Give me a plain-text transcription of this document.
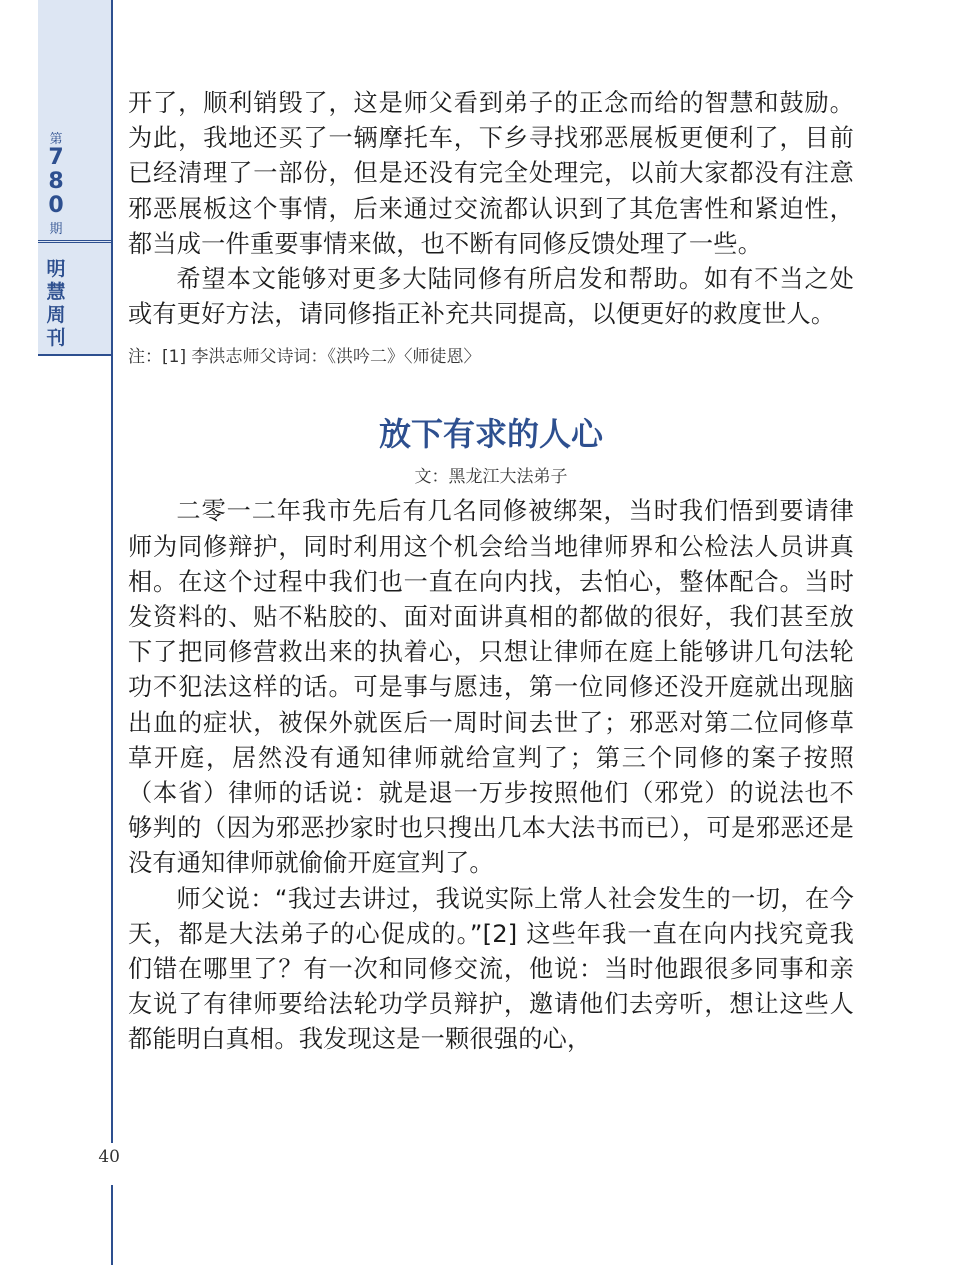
第
7
8
0
期
明
慧
周
刊
40

开了，顺利销毁了，这是师父看到弟子的正念而给的智慧和鼓励。为此，我地还买了一辆摩托车，下乡寻找邪恶展板更便利了，目前已经清理了一部份，但是还没有完全处理完，以前大家都没有注意邪恶展板这个事情，后来通过交流都认识到了其危害性和紧迫性，都当成一件重要事情来做，也不断有同修反馈处理了一些。

希望本文能够对更多大陆同修有所启发和帮助。如有不当之处或有更好方法，请同修指正补充共同提高，以便更好的救度世人。

注：[1] 李洪志师父诗词：《洪吟二》〈师徒恩〉

放下有求的人心
文：黑龙江大法弟子

二零一二年我市先后有几名同修被绑架，当时我们悟到要请律师为同修辩护，同时利用这个机会给当地律师界和公检法人员讲真相。在这个过程中我们也一直在向内找，去怕心，整体配合。当时发资料的、贴不粘胶的、面对面讲真相的都做的很好，我们甚至放下了把同修营救出来的执着心，只想让律师在庭上能够讲几句法轮功不犯法这样的话。可是事与愿违，第一位同修还没开庭就出现脑出血的症状，被保外就医后一周时间去世了；邪恶对第二位同修草草开庭，居然没有通知律师就给宣判了；第三个同修的案子按照（本省）律师的话说：就是退一万步按照他们（邪党）的说法也不够判的（因为邪恶抄家时也只搜出几本大法书而已），可是邪恶还是没有通知律师就偷偷开庭宣判了。

师父说：“我过去讲过，我说实际上常人社会发生的一切，在今天，都是大法弟子的心促成的。”[2] 这些年我一直在向内找究竟我们错在哪里了？有一次和同修交流，他说：当时他跟很多同事和亲友说了有律师要给法轮功学员辩护，邀请他们去旁听，想让这些人都能明白真相。我发现这是一颗很强的心，
